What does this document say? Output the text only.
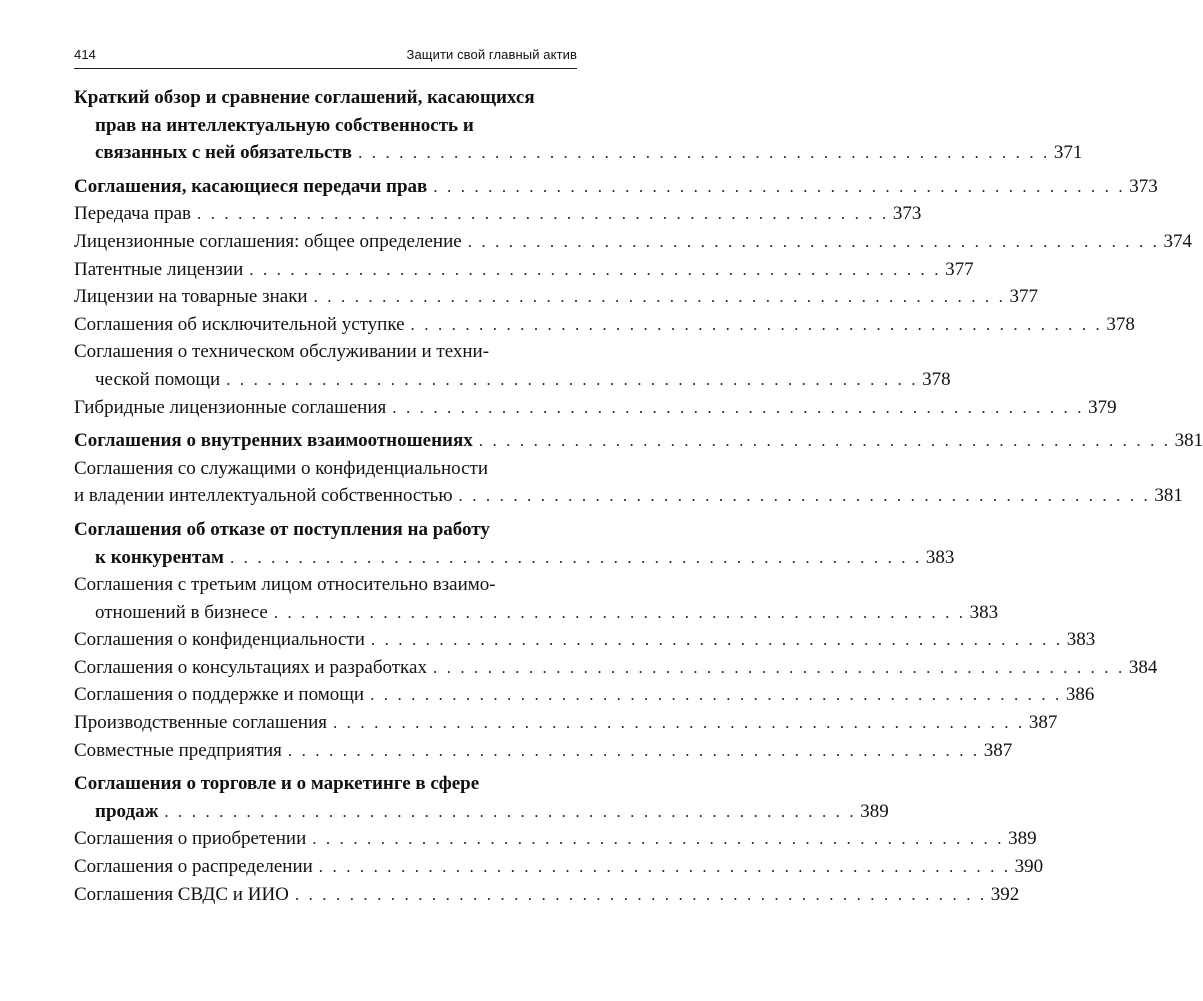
414	Защити свой главный актив
Краткий обзор и сравнение соглашений, касающихся
прав на интеллектуальную собственность и
связанных с ней обязательств . . . . . . . . . . . . . . . . . . . . . . . . . . . . . . . . . . . . . . . . . . . . . . . . . . . 371
Соглашения, касающиеся передачи прав . . . . . . . . . . . . . . . . . . . . . . . . . . . . . . . . . . . . . . . . . . . . . . . . . . . 373
Передача прав . . . . . . . . . . . . . . . . . . . . . . . . . . . . . . . . . . . . . . . . . . . . . . . . . . . 373
Лицензионные соглашения: общее определение . . . . . . . . . . . . . . . . . . . . . . . . . . . . . . . . . . . . . . . . . . . . . . . . . . . 374
Патентные лицензии . . . . . . . . . . . . . . . . . . . . . . . . . . . . . . . . . . . . . . . . . . . . . . . . . . . 377
Лицензии на товарные знаки . . . . . . . . . . . . . . . . . . . . . . . . . . . . . . . . . . . . . . . . . . . . . . . . . . . 377
Соглашения об исключительной уступке . . . . . . . . . . . . . . . . . . . . . . . . . . . . . . . . . . . . . . . . . . . . . . . . . . . 378
Соглашения о техническом обслуживании и техни-
ческой помощи . . . . . . . . . . . . . . . . . . . . . . . . . . . . . . . . . . . . . . . . . . . . . . . . . . . 378
Гибридные лицензионные соглашения . . . . . . . . . . . . . . . . . . . . . . . . . . . . . . . . . . . . . . . . . . . . . . . . . . . 379
Соглашения о внутренних взаимоотношениях . . . . . . . . . . . . . . . . . . . . . . . . . . . . . . . . . . . . . . . . . . . . . . . . . . . 381
Соглашения со служащими о конфиденциальности
и владении интеллектуальной собственностью . . . . . . . . . . . . . . . . . . . . . . . . . . . . . . . . . . . . . . . . . . . . . . . . . . . 381
Соглашения об отказе от поступления на работу
к конкурентам . . . . . . . . . . . . . . . . . . . . . . . . . . . . . . . . . . . . . . . . . . . . . . . . . . . 383
Соглашения с третьим лицом относительно взаимо-
отношений в бизнесе . . . . . . . . . . . . . . . . . . . . . . . . . . . . . . . . . . . . . . . . . . . . . . . . . . . 383
Соглашения о конфиденциальности . . . . . . . . . . . . . . . . . . . . . . . . . . . . . . . . . . . . . . . . . . . . . . . . . . . 383
Соглашения о консультациях и разработках . . . . . . . . . . . . . . . . . . . . . . . . . . . . . . . . . . . . . . . . . . . . . . . . . . . 384
Соглашения о поддержке и помощи . . . . . . . . . . . . . . . . . . . . . . . . . . . . . . . . . . . . . . . . . . . . . . . . . . . 386
Производственные соглашения . . . . . . . . . . . . . . . . . . . . . . . . . . . . . . . . . . . . . . . . . . . . . . . . . . . 387
Совместные предприятия . . . . . . . . . . . . . . . . . . . . . . . . . . . . . . . . . . . . . . . . . . . . . . . . . . . 387
Соглашения о торговле и о маркетинге в сфере
продаж . . . . . . . . . . . . . . . . . . . . . . . . . . . . . . . . . . . . . . . . . . . . . . . . . . . 389
Соглашения о приобретении . . . . . . . . . . . . . . . . . . . . . . . . . . . . . . . . . . . . . . . . . . . . . . . . . . . 389
Соглашения о распределении . . . . . . . . . . . . . . . . . . . . . . . . . . . . . . . . . . . . . . . . . . . . . . . . . . . 390
Соглашения СВДС и ИИО . . . . . . . . . . . . . . . . . . . . . . . . . . . . . . . . . . . . . . . . . . . . . . . . . . . 392
